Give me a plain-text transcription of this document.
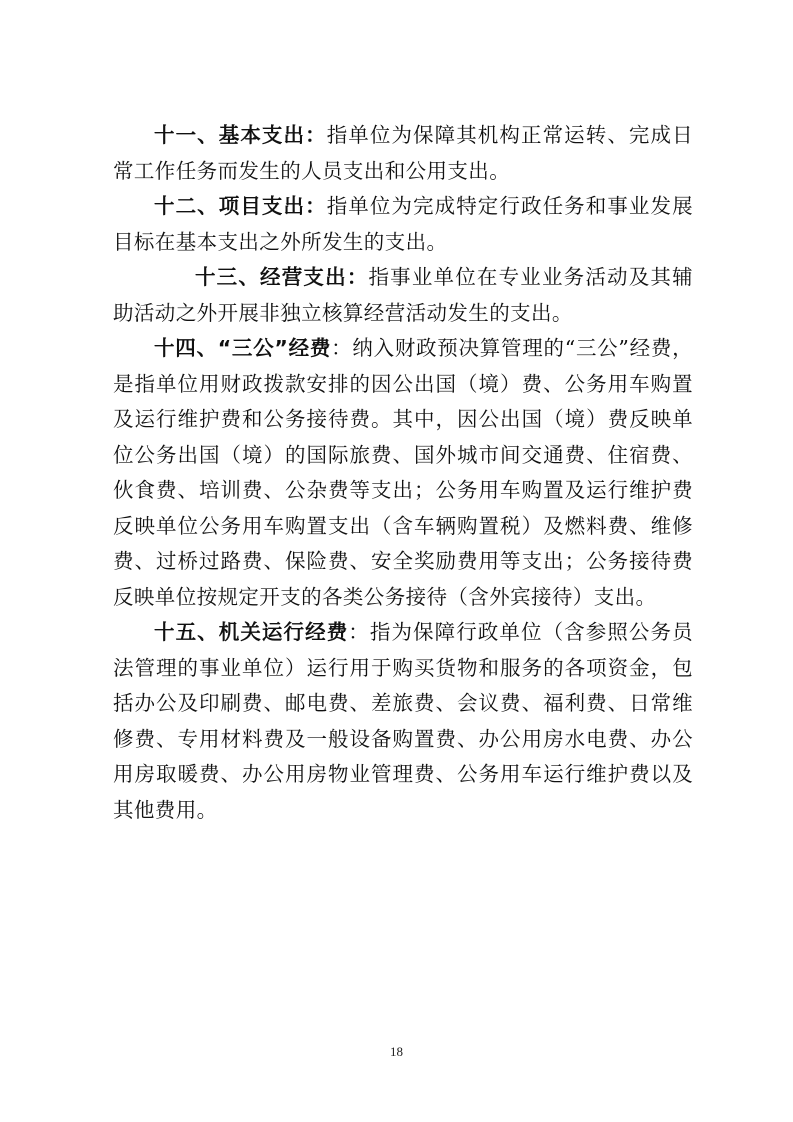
十一、基本支出：指单位为保障其机构正常运转、完成日常工作任务而发生的人员支出和公用支出。

十二、项目支出：指单位为完成特定行政任务和事业发展目标在基本支出之外所发生的支出。

十三、经营支出：指事业单位在专业业务活动及其辅助活动之外开展非独立核算经营活动发生的支出。

十四、“三公”经费：纳入财政预决算管理的“三公”经费，是指单位用财政拨款安排的因公出国（境）费、公务用车购置及运行维护费和公务接待费。其中，因公出国（境）费反映单位公务出国（境）的国际旅费、国外城市间交通费、住宿费、伙食费、培训费、公杂费等支出；公务用车购置及运行维护费反映单位公务用车购置支出（含车辆购置税）及燃料费、维修费、过桥过路费、保险费、安全奖励费用等支出；公务接待费反映单位按规定开支的各类公务接待（含外宾接待）支出。

十五、机关运行经费：指为保障行政单位（含参照公务员法管理的事业单位）运行用于购买货物和服务的各项资金，包括办公及印刷费、邮电费、差旅费、会议费、福利费、日常维修费、专用材料费及一般设备购置费、办公用房水电费、办公用房取暖费、办公用房物业管理费、公务用车运行维护费以及其他费用。

18
